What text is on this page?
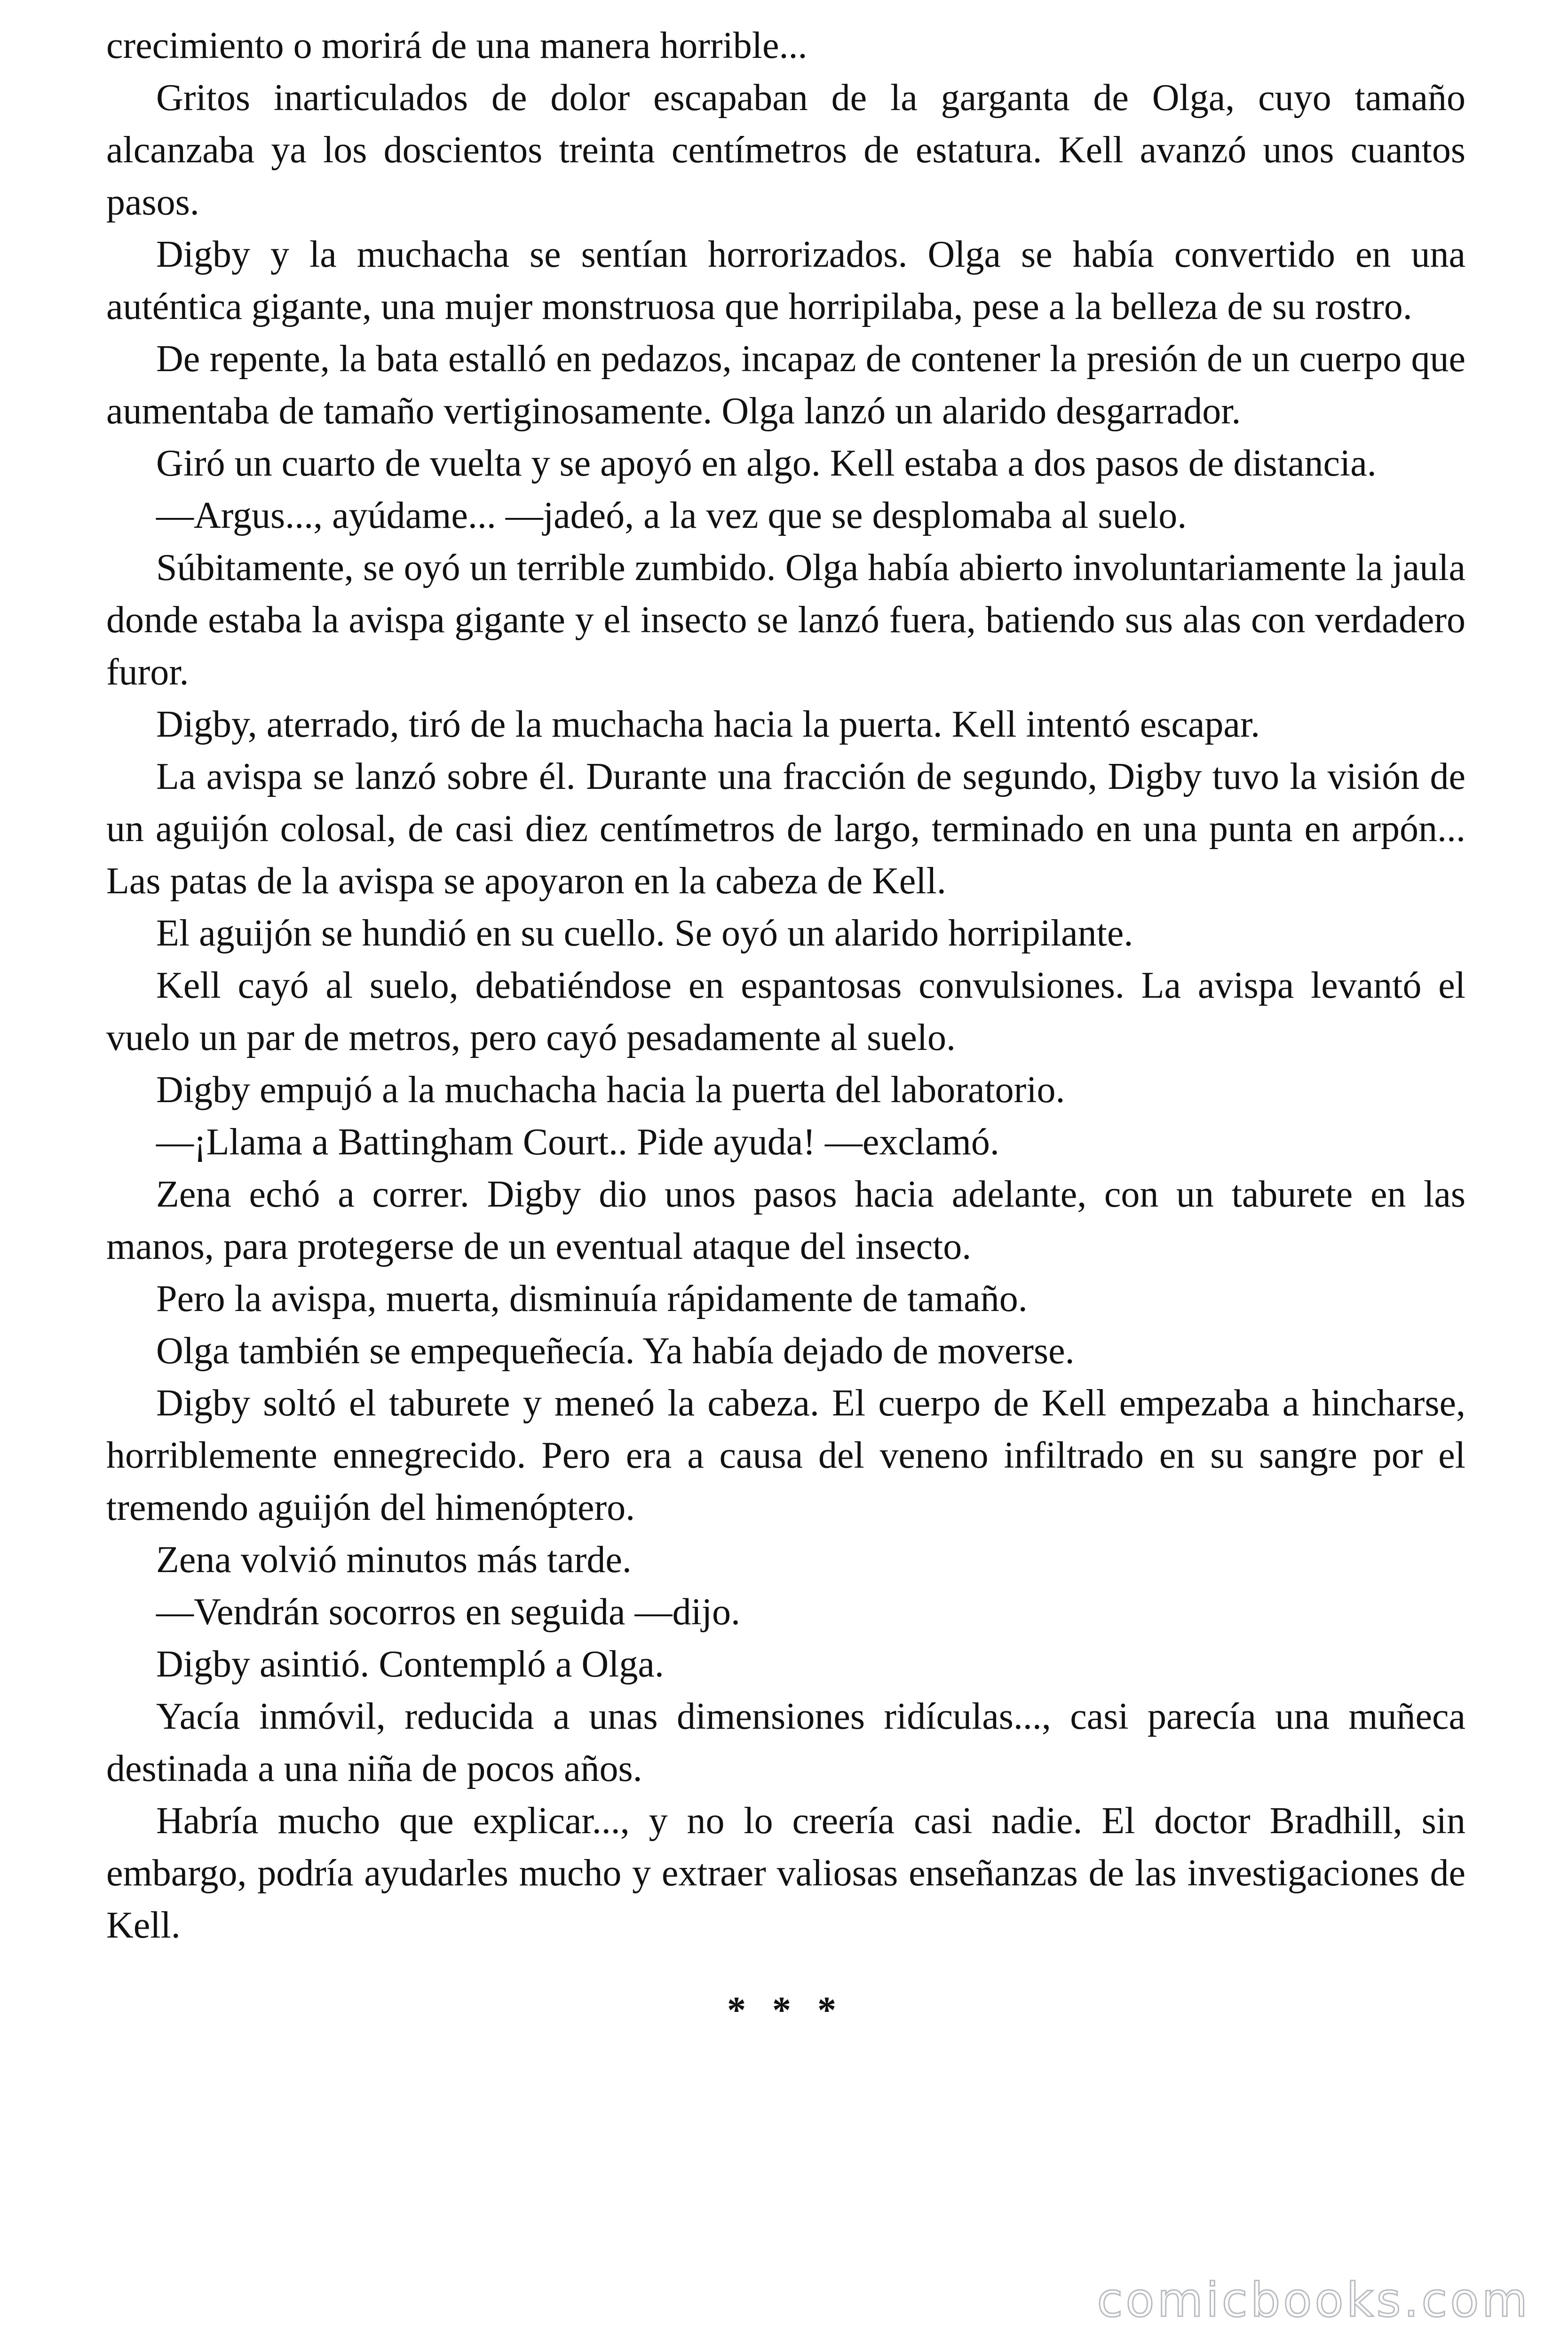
crecimiento o morirá de una manera horrible...

Gritos inarticulados de dolor escapaban de la garganta de Olga, cuyo tamaño alcanzaba ya los doscientos treinta centímetros de estatura. Kell avanzó unos cuantos pasos.

Digby y la muchacha se sentían horrorizados. Olga se había convertido en una auténtica gigante, una mujer monstruosa que horripilaba, pese a la belleza de su rostro.

De repente, la bata estalló en pedazos, incapaz de contener la presión de un cuerpo que aumentaba de tamaño vertiginosamente. Olga lanzó un alarido desgarrador.

Giró un cuarto de vuelta y se apoyó en algo. Kell estaba a dos pasos de distancia.

—Argus..., ayúdame... —jadeó, a la vez que se desplomaba al suelo.

Súbitamente, se oyó un terrible zumbido. Olga había abierto involuntariamente la jaula donde estaba la avispa gigante y el insecto se lanzó fuera, batiendo sus alas con verdadero furor.

Digby, aterrado, tiró de la muchacha hacia la puerta. Kell intentó escapar.

La avispa se lanzó sobre él. Durante una fracción de segundo, Digby tuvo la visión de un aguijón colosal, de casi diez centímetros de largo, terminado en una punta en arpón... Las patas de la avispa se apoyaron en la cabeza de Kell.

El aguijón se hundió en su cuello. Se oyó un alarido horripilante.

Kell cayó al suelo, debatiéndose en espantosas convulsiones. La avispa levantó el vuelo un par de metros, pero cayó pesadamente al suelo.

Digby empujó a la muchacha hacia la puerta del laboratorio.

—¡Llama a Battingham Court.. Pide ayuda! —exclamó.

Zena echó a correr. Digby dio unos pasos hacia adelante, con un taburete en las manos, para protegerse de un eventual ataque del insecto.

Pero la avispa, muerta, disminuía rápidamente de tamaño.

Olga también se empequeñecía. Ya había dejado de moverse.

Digby soltó el taburete y meneó la cabeza. El cuerpo de Kell empezaba a hincharse, horriblemente ennegrecido. Pero era a causa del veneno infiltrado en su sangre por el tremendo aguijón del himenóptero.

Zena volvió minutos más tarde.

—Vendrán socorros en seguida —dijo.

Digby asintió. Contempló a Olga.

Yacía inmóvil, reducida a unas dimensiones ridículas..., casi parecía una muñeca destinada a una niña de pocos años.

Habría mucho que explicar..., y no lo creería casi nadie. El doctor Bradhill, sin embargo, podría ayudarles mucho y extraer valiosas enseñanzas de las investigaciones de Kell.

* * *
comicbooks.com
